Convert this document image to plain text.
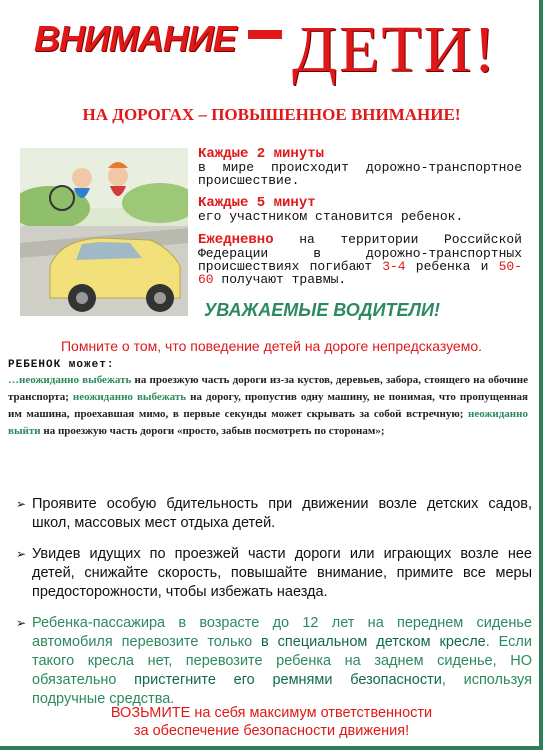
ВНИМАНИЕ ДЕТИ!
НА ДОРОГАХ – ПОВЫШЕННОЕ ВНИМАНИЕ!
Каждые 2 минуты
в мире происходит дорожно-транспортное происшествие.
Каждые 5 минут
его участником становится ребенок.
Ежедневно на территории Российской Федерации в дорожно-транспортных происшествиях погибают 3-4 ребенка и 50-60 получают травмы.
УВАЖАЕМЫЕ ВОДИТЕЛИ!
Помните о том, что поведение детей на дороге непредсказуемо.
РЕБЕНОК может:
…неожиданно выбежать на проезжую часть дороги из-за кустов, деревьев, забора, стоящего на обочине транспорта; неожиданно выбежать на дорогу, пропустив одну машину, не понимая, что пропущенная им машина, проехавшая мимо, в первые секунды может скрывать за собой встречную; неожиданно выйти на проезжую часть дороги «просто, забыв посмотреть по сторонам»;
➢ Проявите особую бдительность при движении возле детских садов, школ, массовых мест отдыха детей.
➢ Увидев идущих по проезжей части дороги или играющих возле нее детей, снижайте скорость, повышайте внимание, примите все меры предосторожности, чтобы избежать наезда.
➢ Ребенка-пассажира в возрасте до 12 лет на переднем сиденье автомобиля перевозите только в специальном детском кресле. Если такого кресла нет, перевозите ребенка на заднем сиденье, НО обязательно пристегните его ремнями безопасности, используя подручные средства.
ВОЗЬМИТЕ на себя максимум ответственности
за обеспечение безопасности движения!
